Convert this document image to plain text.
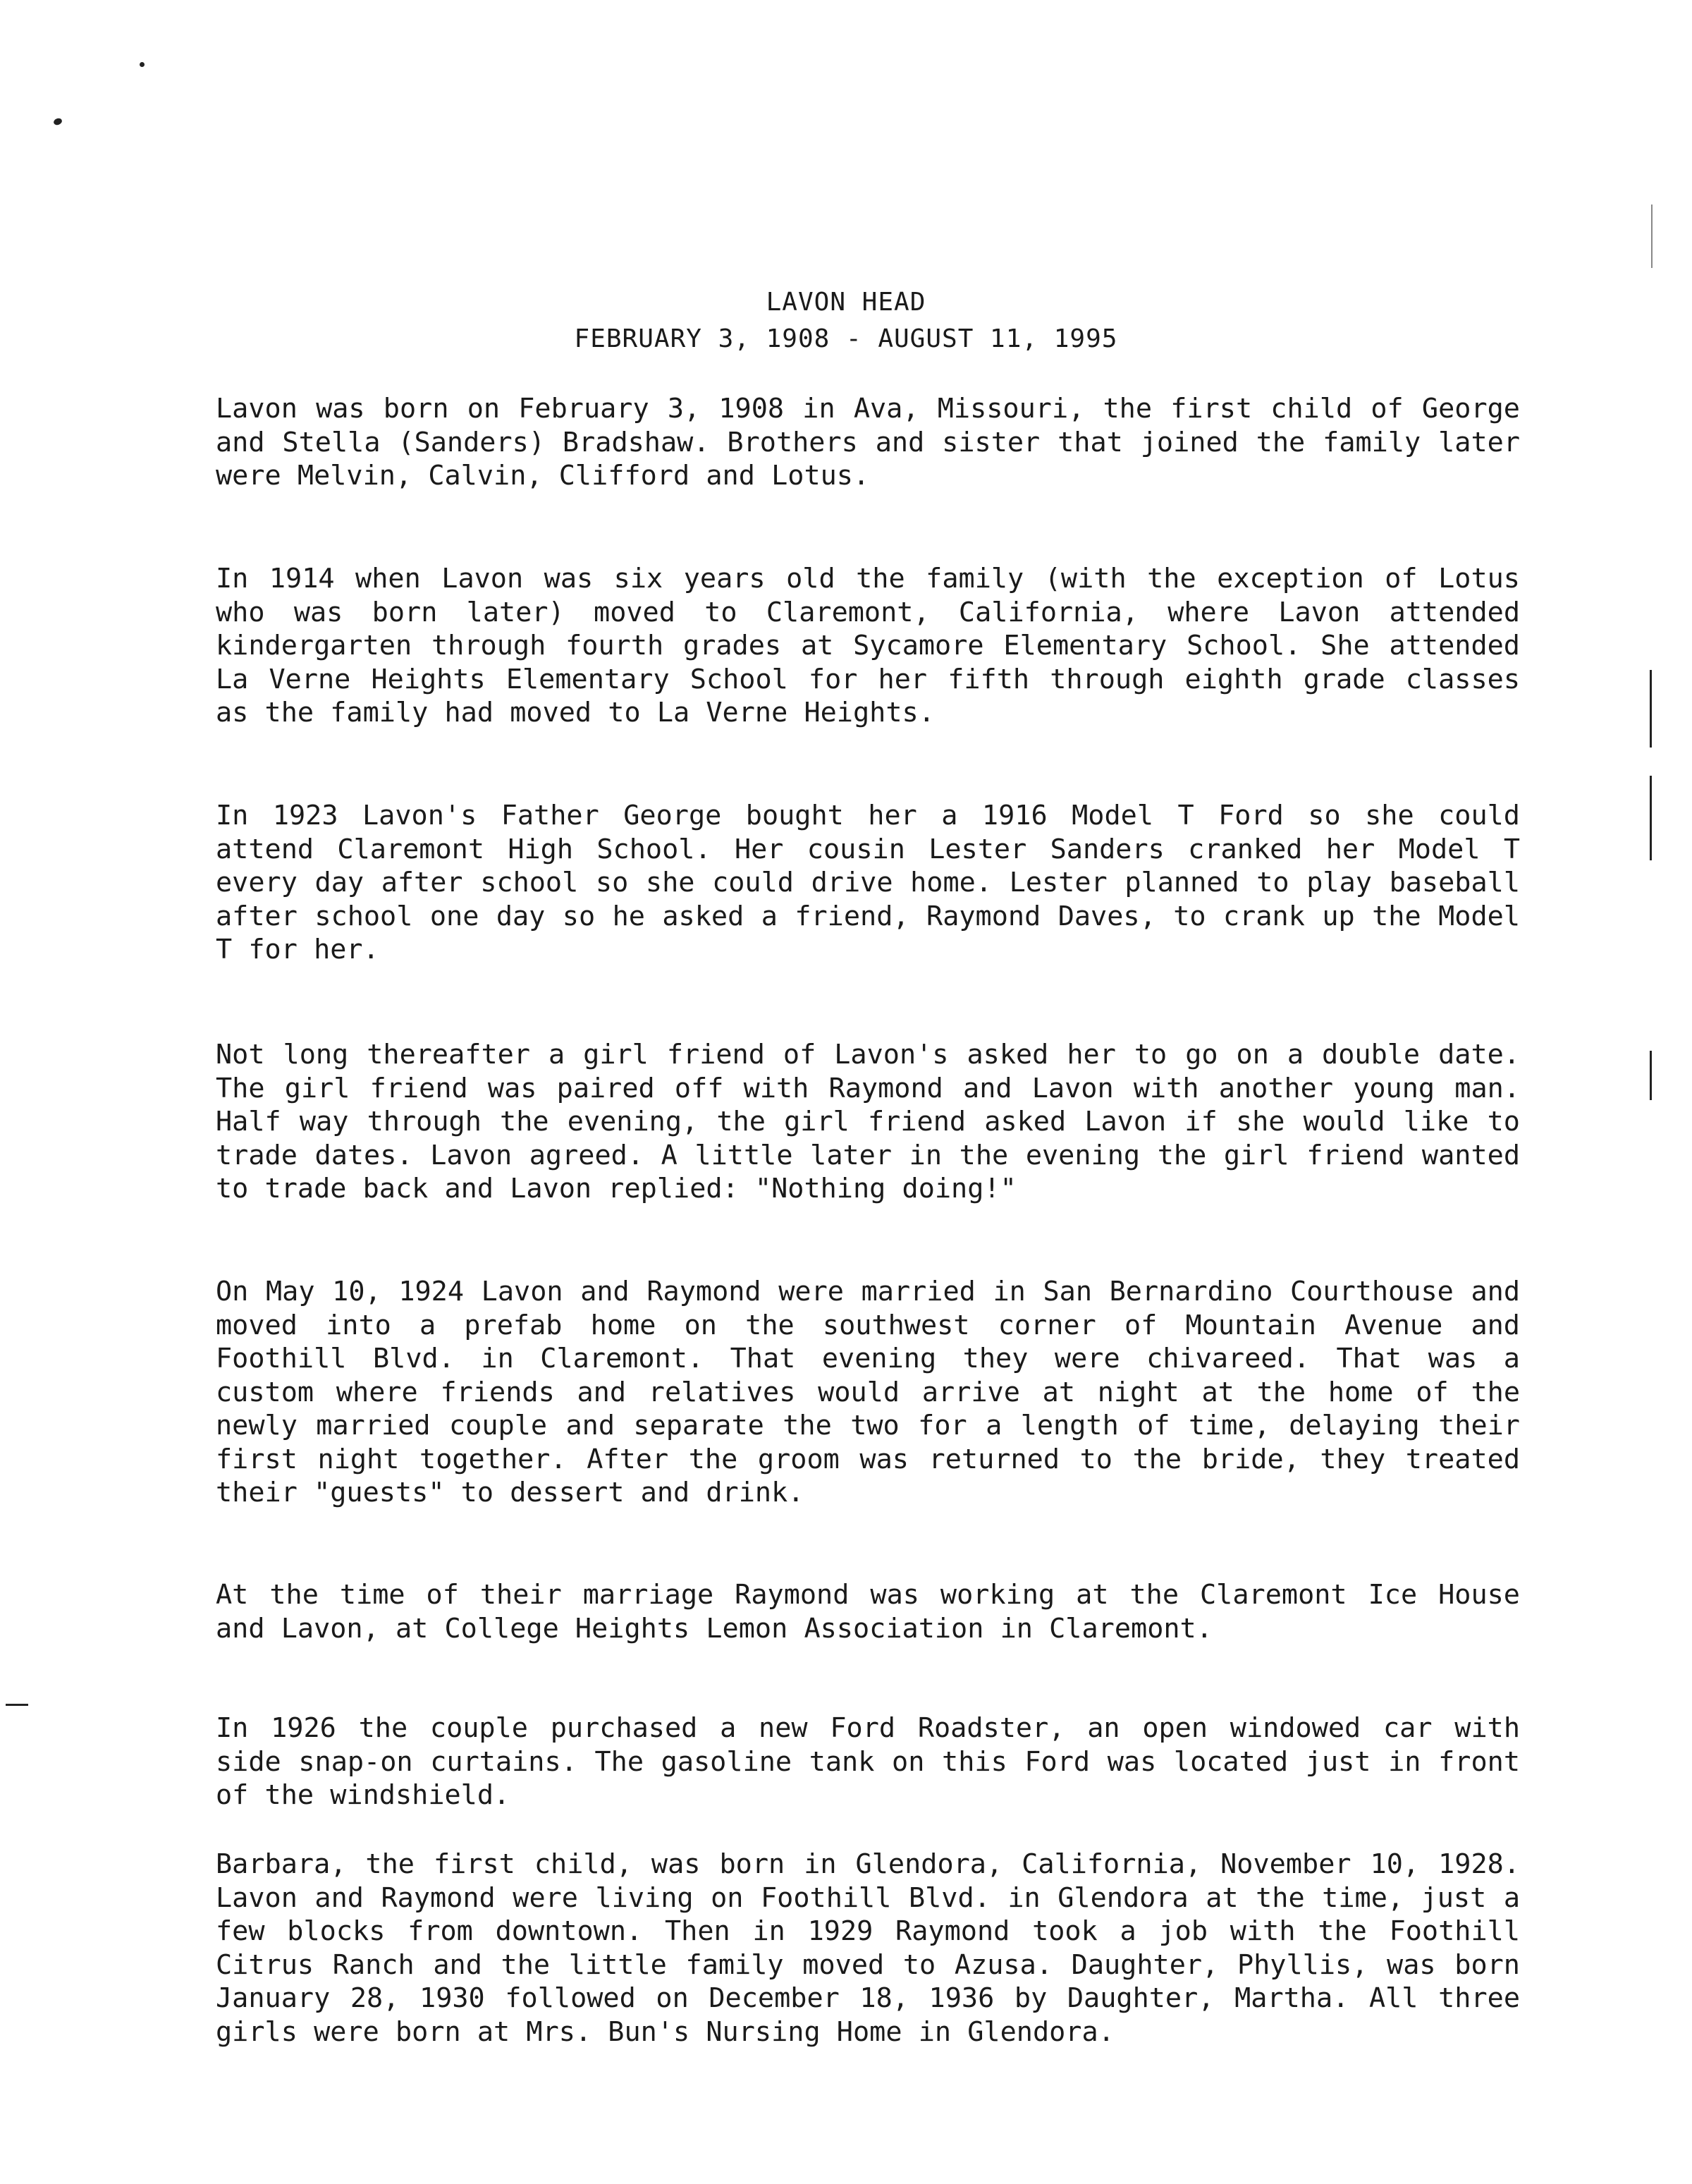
LAVON HEAD
FEBRUARY 3, 1908 - AUGUST 11, 1995

Lavon was born on February 3, 1908 in Ava, Missouri, the first child of George and Stella (Sanders) Bradshaw. Brothers and sister that joined the family later were Melvin, Calvin, Clifford and Lotus.

In 1914 when Lavon was six years old the family (with the exception of Lotus who was born later) moved to Claremont, California, where Lavon attended kindergarten through fourth grades at Sycamore Elementary School. She attended La Verne Heights Elementary School for her fifth through eighth grade classes as the family had moved to La Verne Heights.

In 1923 Lavon's Father George bought her a 1916 Model T Ford so she could attend Claremont High School. Her cousin Lester Sanders cranked her Model T every day after school so she could drive home. Lester planned to play baseball after school one day so he asked a friend, Raymond Daves, to crank up the Model T for her.

Not long thereafter a girl friend of Lavon's asked her to go on a double date. The girl friend was paired off with Raymond and Lavon with another young man. Half way through the evening, the girl friend asked Lavon if she would like to trade dates. Lavon agreed. A little later in the evening the girl friend wanted to trade back and Lavon replied: "Nothing doing!"

On May 10, 1924 Lavon and Raymond were married in San Bernardino Courthouse and moved into a prefab home on the southwest corner of Mountain Avenue and Foothill Blvd. in Claremont. That evening they were chivareed. That was a custom where friends and relatives would arrive at night at the home of the newly married couple and separate the two for a length of time, delaying their first night together. After the groom was returned to the bride, they treated their "guests" to dessert and drink.

At the time of their marriage Raymond was working at the Claremont Ice House and Lavon, at College Heights Lemon Association in Claremont.

In 1926 the couple purchased a new Ford Roadster, an open windowed car with side snap-on curtains. The gasoline tank on this Ford was located just in front of the windshield.

Barbara, the first child, was born in Glendora, California, November 10, 1928. Lavon and Raymond were living on Foothill Blvd. in Glendora at the time, just a few blocks from downtown. Then in 1929 Raymond took a job with the Foothill Citrus Ranch and the little family moved to Azusa. Daughter, Phyllis, was born January 28, 1930 followed on December 18, 1936 by Daughter, Martha. All three girls were born at Mrs. Bun's Nursing Home in Glendora.
